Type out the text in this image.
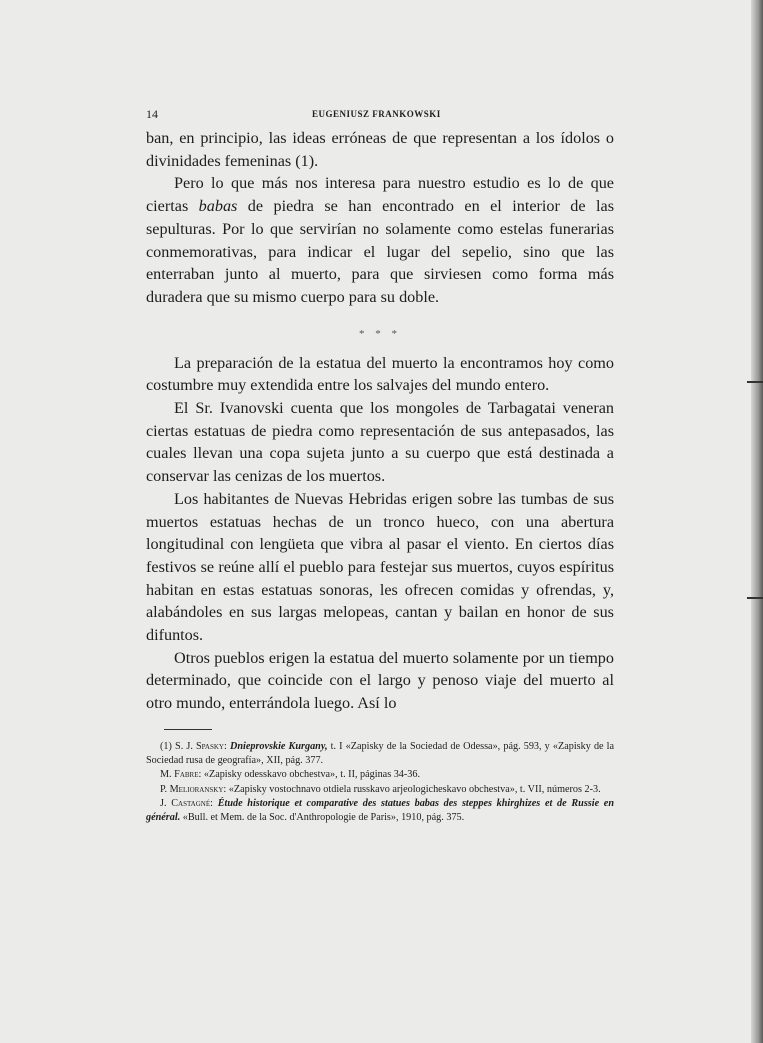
14	EUGENIUSZ FRANKOWSKI

ban, en principio, las ideas erróneas de que representan a los ídolos o divinidades femeninas (1).

Pero lo que más nos interesa para nuestro estudio es lo de que ciertas babas de piedra se han encontrado en el interior de las sepulturas. Por lo que servirían no solamente como estelas funerarias conmemorativas, para indicar el lugar del sepelio, sino que las enterraban junto al muerto, para que sirviesen como forma más duradera que su mismo cuerpo para su doble.

* * *

La preparación de la estatua del muerto la encontramos hoy como costumbre muy extendida entre los salvajes del mundo entero.

El Sr. Ivanovski cuenta que los mongoles de Tarbagatai veneran ciertas estatuas de piedra como representación de sus antepasados, las cuales llevan una copa sujeta junto a su cuerpo que está destinada a conservar las cenizas de los muertos.

Los habitantes de Nuevas Hebridas erigen sobre las tumbas de sus muertos estatuas hechas de un tronco hueco, con una abertura longitudinal con lengüeta que vibra al pasar el viento. En ciertos días festivos se reúne allí el pueblo para festejar sus muertos, cuyos espíritus habitan en estas estatuas sonoras, les ofrecen comidas y ofrendas, y, alabándoles en sus largas melopeas, cantan y bailan en honor de sus difuntos.

Otros pueblos erigen la estatua del muerto solamente por un tiempo determinado, que coincide con el largo y penoso viaje del muerto al otro mundo, enterrándola luego. Así lo

(1) S. J. Spasky: Dnieprovskie Kurgany, t. I «Zapisky de la Sociedad de Odessa», pág. 593, y «Zapisky de la Sociedad rusa de geografía», XII, pág. 377.

M. Fabre: «Zapisky odesskavo obchestva», t. II, páginas 34-36.

P. Melioransky: «Zapisky vostochnavo otdiela russkavo arjeologicheskavo obchestva», t. VII, números 2-3.

J. Castagné: Étude historique et comparative des statues babas des steppes khirghizes et de Russie en général. «Bull. et Mem. de la Soc. d'Anthropologie de Paris», 1910, pág. 375.
